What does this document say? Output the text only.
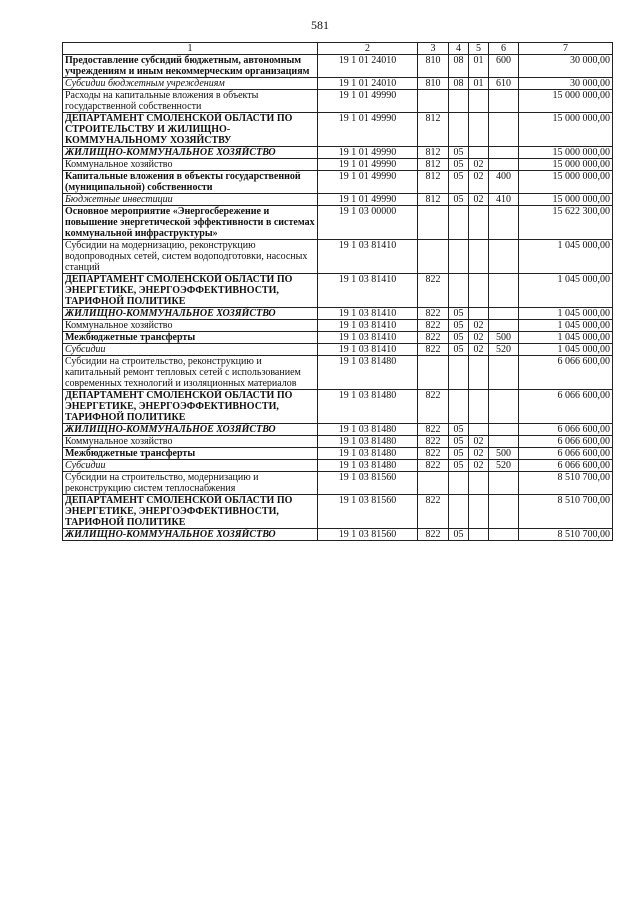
581
1	2	3	4	5	6	7
Предоставление субсидий бюджетным, автономным учреждениям и иным некоммерческим организациям	19 1 01 24010	810	08	01	600	30 000,00
Субсидии бюджетным учреждениям	19 1 01 24010	810	08	01	610	30 000,00
Расходы на капитальные вложения в объекты государственной собственности	19 1 01 49990					15 000 000,00
ДЕПАРТАМЕНТ СМОЛЕНСКОЙ ОБЛАСТИ ПО СТРОИТЕЛЬСТВУ И ЖИЛИЩНО-КОММУНАЛЬНОМУ ХОЗЯЙСТВУ	19 1 01 49990	812				15 000 000,00
ЖИЛИЩНО-КОММУНАЛЬНОЕ ХОЗЯЙСТВО	19 1 01 49990	812	05			15 000 000,00
Коммунальное хозяйство	19 1 01 49990	812	05	02		15 000 000,00
Капитальные вложения в объекты государственной (муниципальной) собственности	19 1 01 49990	812	05	02	400	15 000 000,00
Бюджетные инвестиции	19 1 01 49990	812	05	02	410	15 000 000,00
Основное мероприятие «Энергосбережение и повышение энергетической эффективности в системах коммунальной инфраструктуры»	19 1 03 00000					15 622 300,00
Субсидии на модернизацию, реконструкцию водопроводных сетей, систем водоподготовки, насосных станций	19 1 03 81410					1 045 000,00
ДЕПАРТАМЕНТ СМОЛЕНСКОЙ ОБЛАСТИ ПО ЭНЕРГЕТИКЕ, ЭНЕРГОЭФФЕКТИВНОСТИ, ТАРИФНОЙ ПОЛИТИКЕ	19 1 03 81410	822				1 045 000,00
ЖИЛИЩНО-КОММУНАЛЬНОЕ ХОЗЯЙСТВО	19 1 03 81410	822	05			1 045 000,00
Коммунальное хозяйство	19 1 03 81410	822	05	02		1 045 000,00
Межбюджетные трансферты	19 1 03 81410	822	05	02	500	1 045 000,00
Субсидии	19 1 03 81410	822	05	02	520	1 045 000,00
Субсидии на строительство, реконструкцию и капитальный ремонт тепловых сетей с использованием современных технологий и изоляционных материалов	19 1 03 81480					6 066 600,00
ДЕПАРТАМЕНТ СМОЛЕНСКОЙ ОБЛАСТИ ПО ЭНЕРГЕТИКЕ, ЭНЕРГОЭФФЕКТИВНОСТИ, ТАРИФНОЙ ПОЛИТИКЕ	19 1 03 81480	822				6 066 600,00
ЖИЛИЩНО-КОММУНАЛЬНОЕ ХОЗЯЙСТВО	19 1 03 81480	822	05			6 066 600,00
Коммунальное хозяйство	19 1 03 81480	822	05	02		6 066 600,00
Межбюджетные трансферты	19 1 03 81480	822	05	02	500	6 066 600,00
Субсидии	19 1 03 81480	822	05	02	520	6 066 600,00
Субсидии на строительство, модернизацию и реконструкцию систем теплоснабжения	19 1 03 81560					8 510 700,00
ДЕПАРТАМЕНТ СМОЛЕНСКОЙ ОБЛАСТИ ПО ЭНЕРГЕТИКЕ, ЭНЕРГОЭФФЕКТИВНОСТИ, ТАРИФНОЙ ПОЛИТИКЕ	19 1 03 81560	822				8 510 700,00
ЖИЛИЩНО-КОММУНАЛЬНОЕ ХОЗЯЙСТВО	19 1 03 81560	822	05			8 510 700,00
